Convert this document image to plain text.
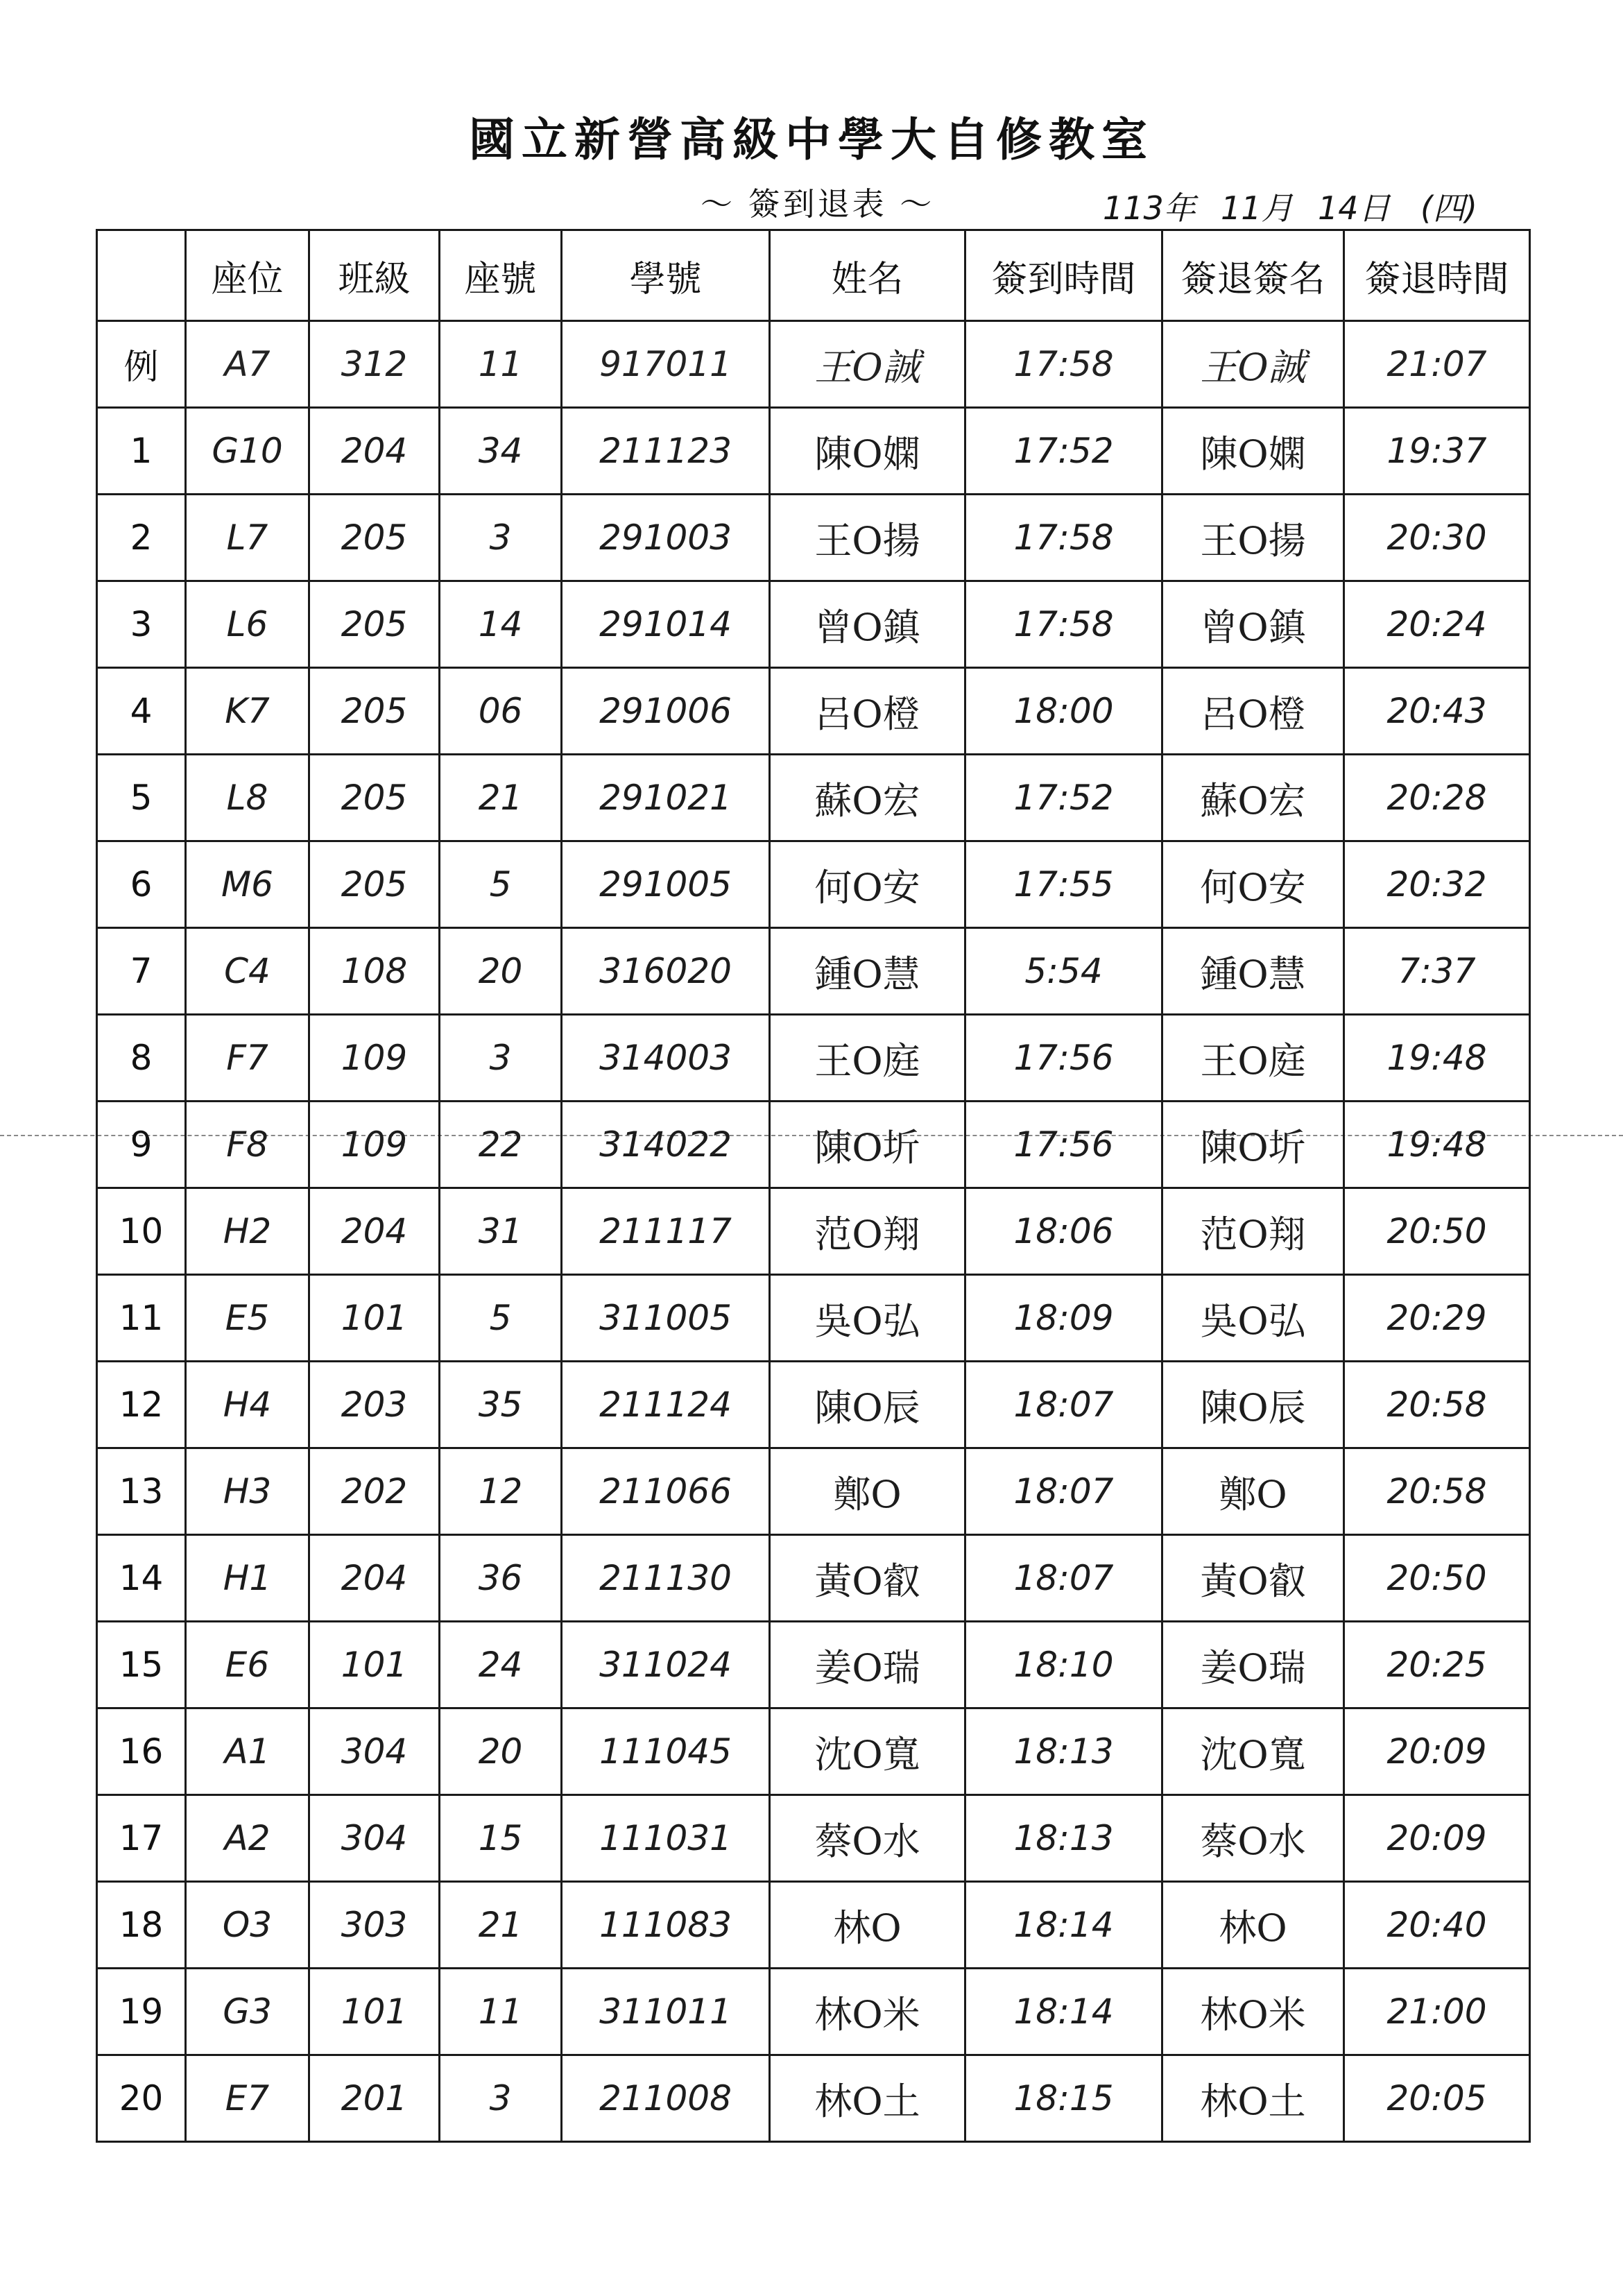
國立新營高級中學大自修教室
～ 簽到退表 ～	113年 11月 14日 (四)
	座位	班級	座號	學號	姓名	簽到時間	簽退簽名	簽退時間
例	A7	312	11	917011	王O誠	17:58	王O誠	21:07
1	G10	204	34	211123	陳O嫻	17:52	陳O嫻	19:37
2	L7	205	3	291003	王O揚	17:58	王O揚	20:30
3	L6	205	14	291014	曾O鎮	17:58	曾O鎮	20:24
4	K7	205	06	291006	呂O橙	18:00	呂O橙	20:43
5	L8	205	21	291021	蘇O宏	17:52	蘇O宏	20:28
6	M6	205	5	291005	何O安	17:55	何O安	20:32
7	C4	108	20	316020	鍾O慧	5:54	鍾O慧	7:37
8	F7	109	3	314003	王O庭	17:56	王O庭	19:48
9	F8	109	22	314022	陳O圻	17:56	陳O圻	19:48
10	H2	204	31	211117	范O翔	18:06	范O翔	20:50
11	E5	101	5	311005	吳O弘	18:09	吳O弘	20:29
12	H4	203	35	211124	陳O辰	18:07	陳O辰	20:58
13	H3	202	12	211066	鄭O	18:07	鄭O	20:58
14	H1	204	36	211130	黃O叡	18:07	黃O叡	20:50
15	E6	101	24	311024	姜O瑞	18:10	姜O瑞	20:25
16	A1	304	20	111045	沈O寬	18:13	沈O寬	20:09
17	A2	304	15	111031	蔡O水	18:13	蔡O水	20:09
18	O3	303	21	111083	林O	18:14	林O	20:40
19	G3	101	11	311011	林O米	18:14	林O米	21:00
20	E7	201	3	211008	林O土	18:15	林O土	20:05
